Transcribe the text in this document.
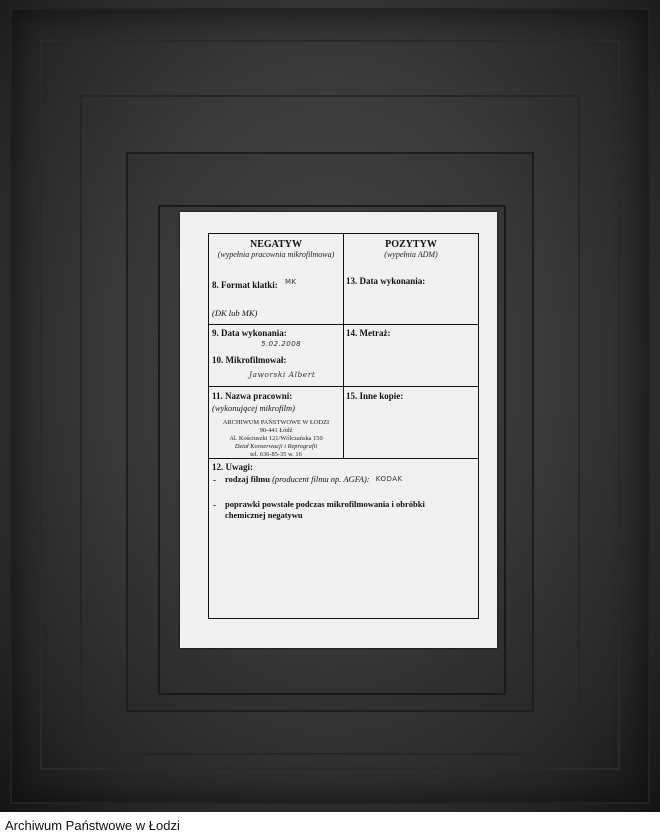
NEGATYW
(wypełnia pracownia mikrofilmowa)
8. Format klatki: MK
(DK lub MK)
POZYTYW
(wypełnia ADM)
13. Data wykonania:
9. Data wykonania:
5.02.2008
10. Mikrofilmował:
Jaworski Albert
14. Metraż:
11. Nazwa pracowni:
(wykonującej mikrofilm)
ARCHIWUM PAŃSTWOWE W ŁODZI
90-441 Łódź
Al. Kościuszki 121/Wólczańska 150
Dział Konserwacji i Reprografii
tel. 636-85-35 w. 16
15. Inne kopie:
12. Uwagi:
- rodzaj filmu (producent filmu np. AGFA): KODAK
- poprawki powstałe podczas mikrofilmowania i obróbki
chemicznej negatywu
Archiwum Państwowe w Łodzi
